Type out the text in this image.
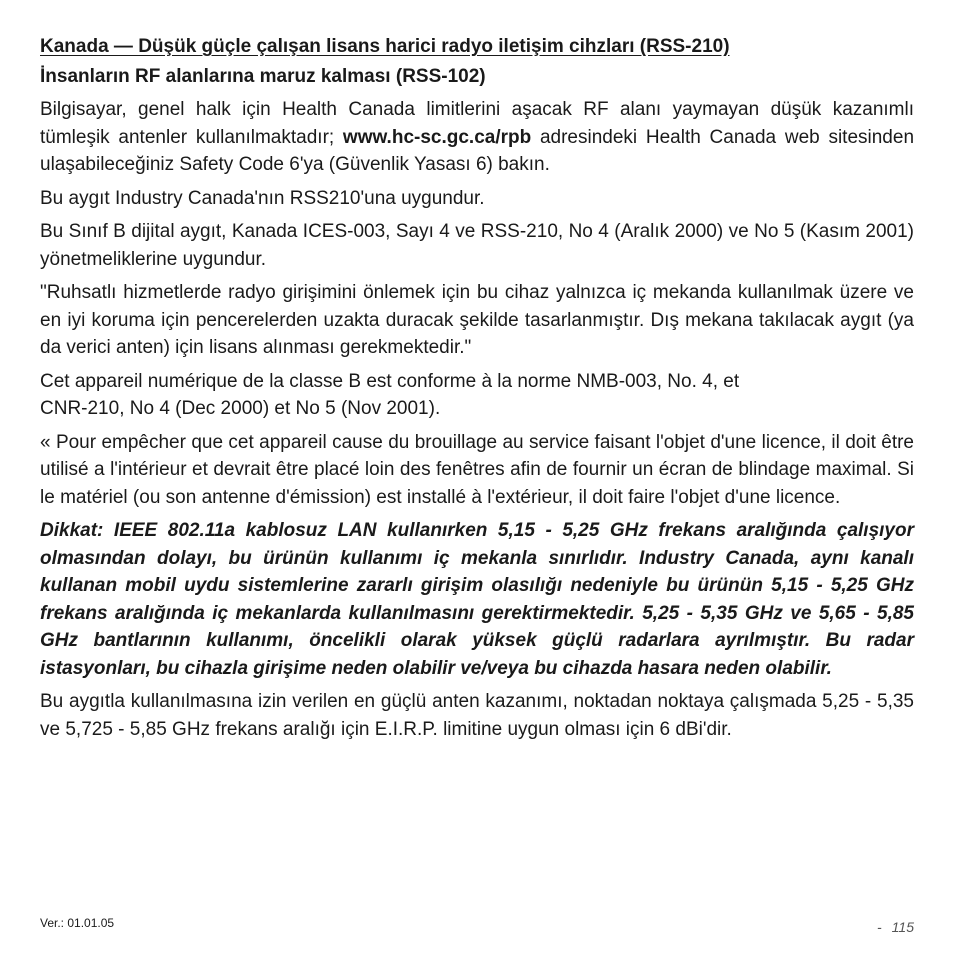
Kanada — Düşük güçle çalışan lisans harici radyo iletişim cihzları (RSS-210)
İnsanların RF alanlarına maruz kalması (RSS-102)

Bilgisayar, genel halk için Health Canada limitlerini aşacak RF alanı yaymayan düşük kazanımlı tümleşik antenler kullanılmaktadır; www.hc-sc.gc.ca/rpb adresindeki Health Canada web sitesinden ulaşabileceğiniz Safety Code 6'ya (Güvenlik Yasası 6) bakın.

Bu aygıt Industry Canada'nın RSS210'una uygundur.

Bu Sınıf B dijital aygıt, Kanada ICES-003, Sayı 4 ve RSS-210, No 4 (Aralık 2000) ve No 5 (Kasım 2001) yönetmeliklerine uygundur.

"Ruhsatlı hizmetlerde radyo girişimini önlemek için bu cihaz yalnızca iç mekanda kullanılmak üzere ve en iyi koruma için pencerelerden uzakta duracak şekilde tasarlanmıştır. Dış mekana takılacak aygıt (ya da verici anten) için lisans alınması gerekmektedir."

Cet appareil numérique de la classe B est conforme à la norme NMB-003, No. 4, et
CNR-210, No 4 (Dec 2000) et No 5 (Nov 2001).

« Pour empêcher que cet appareil cause du brouillage au service faisant l'objet d'une licence, il doit être utilisé a l'intérieur et devrait être placé loin des fenêtres afin de fournir un écran de blindage maximal. Si le matériel (ou son antenne d'émission) est installé à l'extérieur, il doit faire l'objet d'une licence.

Dikkat: IEEE 802.11a kablosuz LAN kullanırken 5,15 - 5,25 GHz frekans aralığında çalışıyor olmasından dolayı, bu ürünün kullanımı iç mekanla sınırlıdır. Industry Canada, aynı kanalı kullanan mobil uydu sistemlerine zararlı girişim olasılığı nedeniyle bu ürünün 5,15 - 5,25 GHz frekans aralığında iç mekanlarda kullanılmasını gerektirmektedir. 5,25 - 5,35 GHz ve 5,65 - 5,85 GHz bantlarının kullanımı, öncelikli olarak yüksek güçlü radarlara ayrılmıştır. Bu radar istasyonları, bu cihazla girişime neden olabilir ve/veya bu cihazda hasara neden olabilir.

Bu aygıtla kullanılmasına izin verilen en güçlü anten kazanımı, noktadan noktaya çalışmada 5,25 - 5,35 ve 5,725 - 5,85 GHz frekans aralığı için E.I.R.P. limitine uygun olması için 6 dBi'dir.

Ver.: 01.01.05	- 115
